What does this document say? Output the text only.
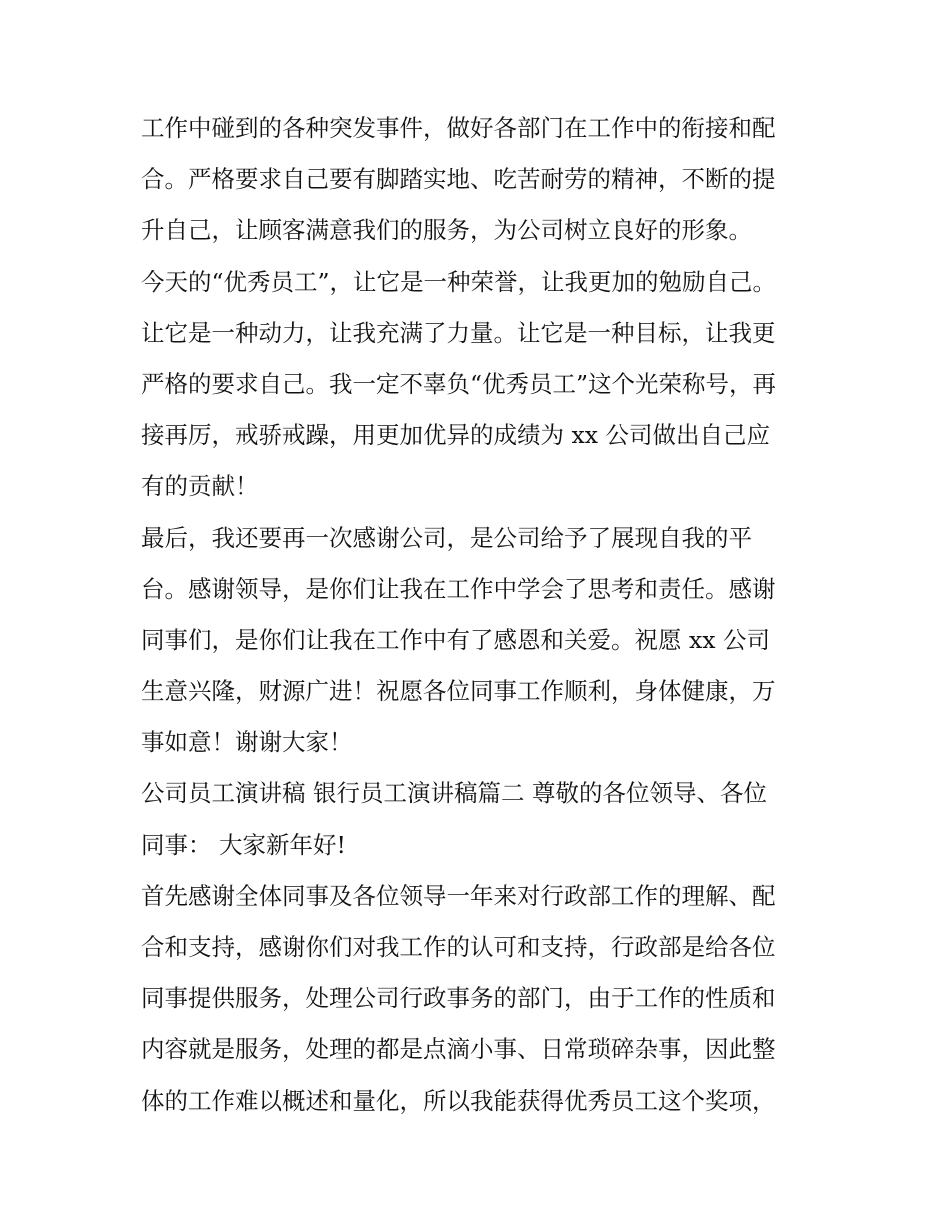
工作中碰到的各种突发事件，做好各部门在工作中的衔接和配
合。严格要求自己要有脚踏实地、吃苦耐劳的精神，不断的提
升自己，让顾客满意我们的服务，为公司树立良好的形象。

今天的“优秀员工”，让它是一种荣誉，让我更加的勉励自己。
让它是一种动力，让我充满了力量。让它是一种目标，让我更
严格的要求自己。我一定不辜负“优秀员工”这个光荣称号，再
接再厉，戒骄戒躁，用更加优异的成绩为 xx 公司做出自己应
有的贡献！

最后，我还要再一次感谢公司，是公司给予了展现自我的平
台。感谢领导，是你们让我在工作中学会了思考和责任。感谢
同事们，是你们让我在工作中有了感恩和关爱。祝愿 xx 公司
生意兴隆，财源广进！祝愿各位同事工作顺利，身体健康，万
事如意！谢谢大家！

公司员工演讲稿 银行员工演讲稿篇二 尊敬的各位领导、各位
同事： 大家新年好!

首先感谢全体同事及各位领导一年来对行政部工作的理解、配
合和支持，感谢你们对我工作的认可和支持，行政部是给各位
同事提供服务，处理公司行政事务的部门，由于工作的性质和
内容就是服务，处理的都是点滴小事、日常琐碎杂事，因此整
体的工作难以概述和量化，所以我能获得优秀员工这个奖项，
